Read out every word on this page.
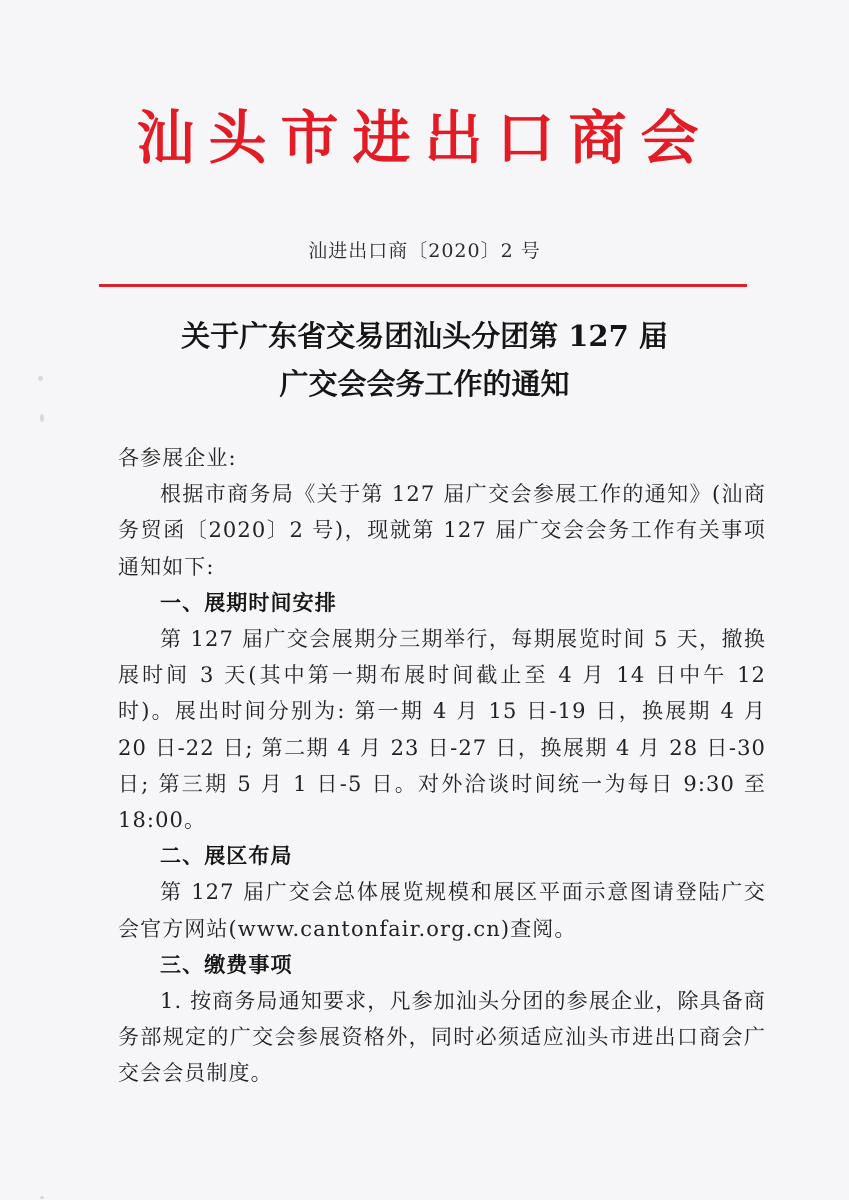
汕头市进出口商会
汕进出口商〔2020〕2 号
关于广东省交易团汕头分团第 127 届
广交会会务工作的通知

各参展企业:

根据市商务局《关于第 127 届广交会参展工作的通知》(汕商务贸函〔2020〕2 号)，现就第 127 届广交会会务工作有关事项通知如下:

一、展期时间安排

第 127 届广交会展期分三期举行，每期展览时间 5 天，撤换展时间 3 天(其中第一期布展时间截止至 4 月 14 日中午 12 时)。展出时间分别为: 第一期 4 月 15 日-19 日，换展期 4 月 20 日-22 日; 第二期 4 月 23 日-27 日，换展期 4 月 28 日-30 日; 第三期 5 月 1 日-5 日。对外洽谈时间统一为每日 9:30 至 18:00。

二、展区布局

第 127 届广交会总体展览规模和展区平面示意图请登陆广交会官方网站(www.cantonfair.org.cn)查阅。

三、缴费事项

1. 按商务局通知要求，凡参加汕头分团的参展企业，除具备商务部规定的广交会参展资格外，同时必须适应汕头市进出口商会广交会会员制度。
